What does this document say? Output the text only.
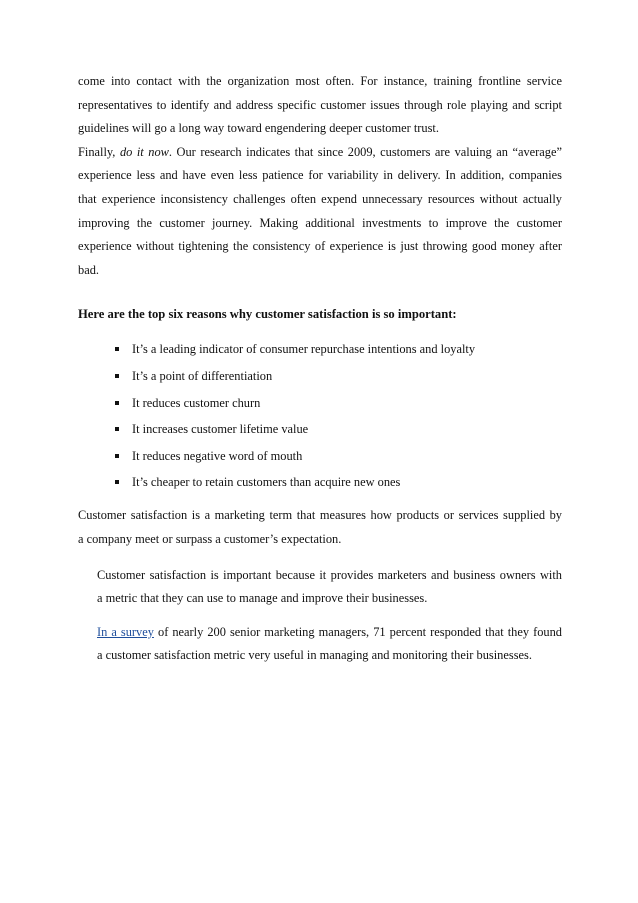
come into contact with the organization most often. For instance, training frontline service
representatives to identify and address specific customer issues through role playing and script
guidelines will go a long way toward engendering deeper customer trust.

Finally, do it now. Our research indicates that since 2009, customers are valuing an “average”
experience less and have even less patience for variability in delivery. In addition, companies
that experience inconsistency challenges often expend unnecessary resources without actually
improving the customer journey. Making additional investments to improve the customer
experience without tightening the consistency of experience is just throwing good money after
bad.

Here are the top six reasons why customer satisfaction is so important:

It’s a leading indicator of consumer repurchase intentions and loyalty
It’s a point of differentiation
It reduces customer churn
It increases customer lifetime value
It reduces negative word of mouth
It’s cheaper to retain customers than acquire new ones

Customer satisfaction is a marketing term that measures how products or services supplied by
a company meet or surpass a customer’s expectation.

Customer satisfaction is important because it provides marketers and business owners with
a metric that they can use to manage and improve their businesses.

In a survey of nearly 200 senior marketing managers, 71 percent responded that they found
a customer satisfaction metric very useful in managing and monitoring their businesses.
